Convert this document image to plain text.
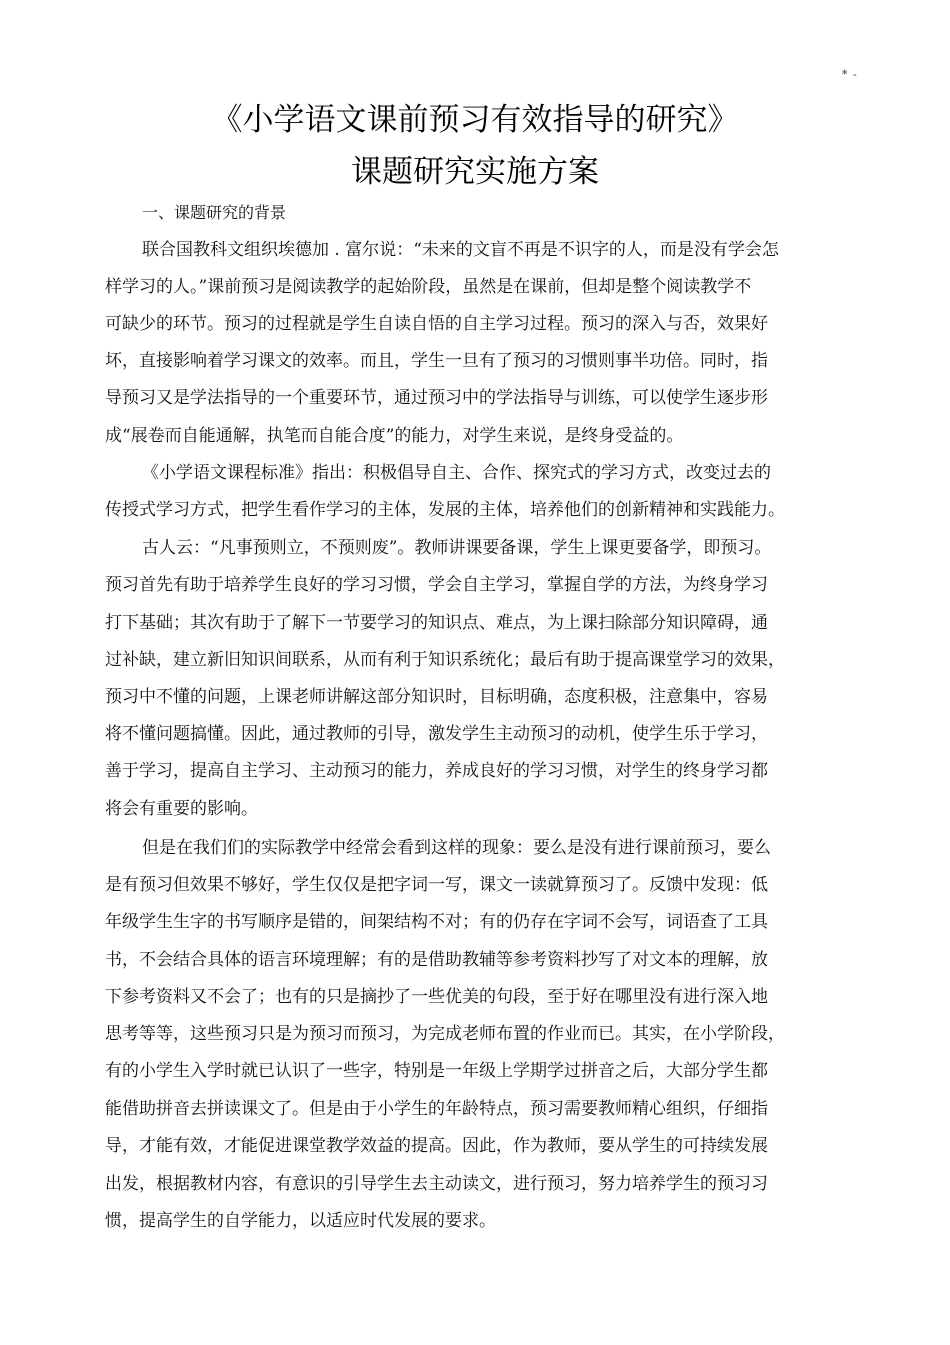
* -
《小学语文课前预习有效指导的研究》
课题研究实施方案
一、课题研究的背景
联合国教科文组织埃德加 . 富尔说：“未来的文盲不再是不识字的人，而是没有学会怎
样学习的人。”课前预习是阅读教学的起始阶段，虽然是在课前，但却是整个阅读教学不
可缺少的环节。预习的过程就是学生自读自悟的自主学习过程。预习的深入与否，效果好
坏，直接影响着学习课文的效率。而且，学生一旦有了预习的习惯则事半功倍。同时，指
导预习又是学法指导的一个重要环节，通过预习中的学法指导与训练，可以使学生逐步形
成“展卷而自能通解，执笔而自能合度”的能力，对学生来说，是终身受益的。
《小学语文课程标准》指出：积极倡导自主、合作、探究式的学习方式，改变过去的
传授式学习方式，把学生看作学习的主体，发展的主体，培养他们的创新精神和实践能力。
古人云：“凡事预则立，不预则废”。教师讲课要备课，学生上课更要备学，即预习。
预习首先有助于培养学生良好的学习习惯，学会自主学习，掌握自学的方法，为终身学习
打下基础；其次有助于了解下一节要学习的知识点、难点，为上课扫除部分知识障碍，通
过补缺，建立新旧知识间联系，从而有利于知识系统化；最后有助于提高课堂学习的效果，
预习中不懂的问题，上课老师讲解这部分知识时，目标明确，态度积极，注意集中，容易
将不懂问题搞懂。因此，通过教师的引导，激发学生主动预习的动机，使学生乐于学习，
善于学习，提高自主学习、主动预习的能力，养成良好的学习习惯，对学生的终身学习都
将会有重要的影响。
但是在我们们的实际教学中经常会看到这样的现象：要么是没有进行课前预习，要么
是有预习但效果不够好，学生仅仅是把字词一写，课文一读就算预习了。反馈中发现：低
年级学生生字的书写顺序是错的，间架结构不对；有的仍存在字词不会写，词语查了工具
书，不会结合具体的语言环境理解；有的是借助教辅等参考资料抄写了对文本的理解，放
下参考资料又不会了；也有的只是摘抄了一些优美的句段，至于好在哪里没有进行深入地
思考等等，这些预习只是为预习而预习，为完成老师布置的作业而已。其实，在小学阶段，
有的小学生入学时就已认识了一些字，特别是一年级上学期学过拼音之后，大部分学生都
能借助拼音去拼读课文了。但是由于小学生的年龄特点，预习需要教师精心组织，仔细指
导，才能有效，才能促进课堂教学效益的提高。因此，作为教师，要从学生的可持续发展
出发，根据教材内容，有意识的引导学生去主动读文，进行预习，努力培养学生的预习习
惯，提高学生的自学能力，以适应时代发展的要求。
